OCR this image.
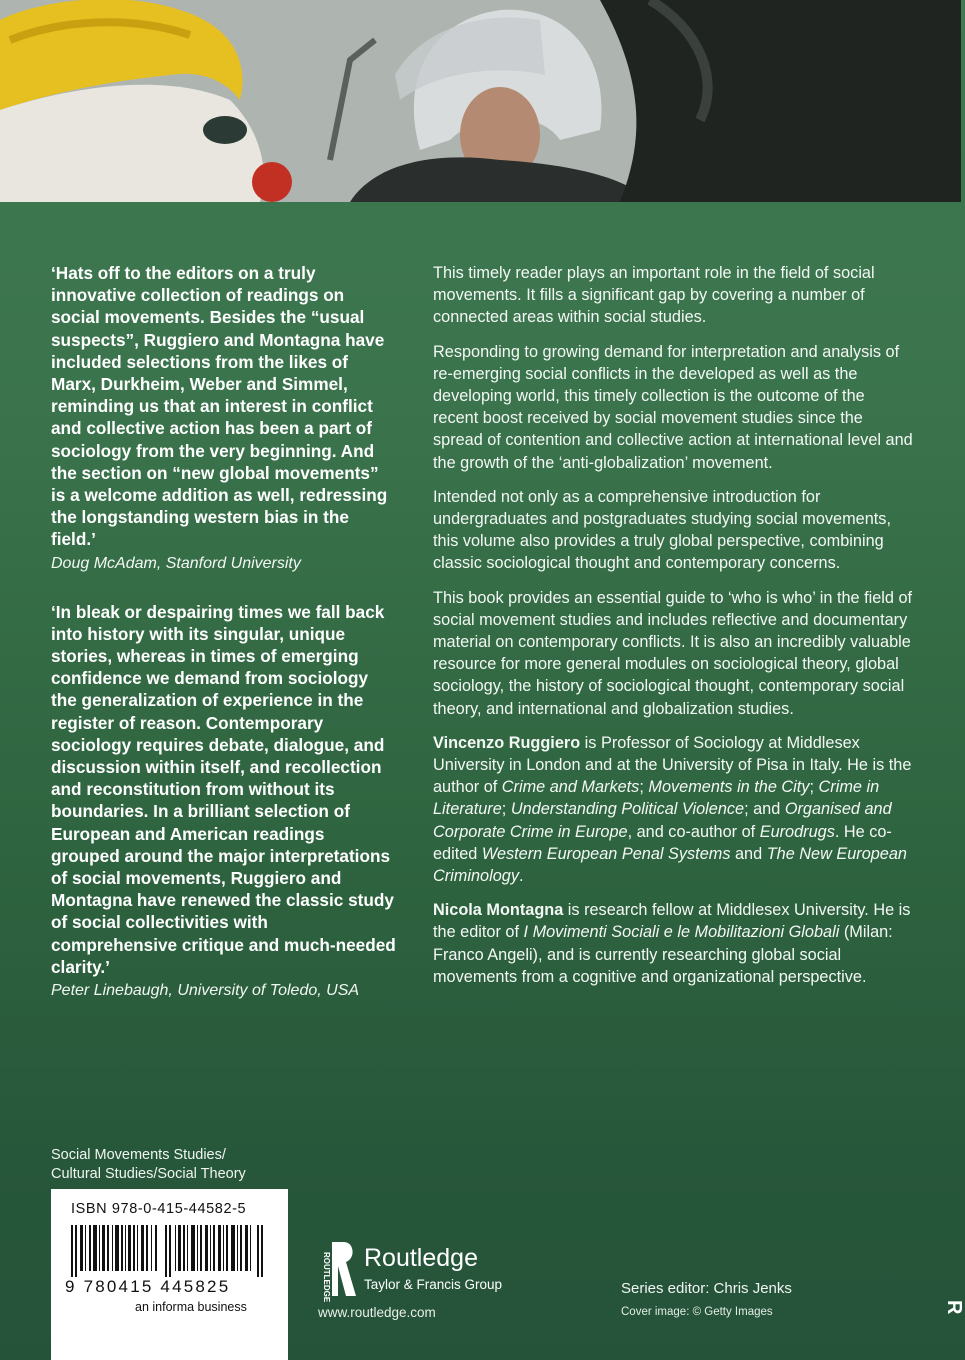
‘Hats off to the editors on a truly innovative collection of readings on social movements. Besides the “usual suspects”, Ruggiero and Montagna have included selections from the likes of Marx, Durkheim, Weber and Simmel, reminding us that an interest in conflict and collective action has been a part of sociology from the very beginning. And the section on “new global movements” is a welcome addition as well, redressing the longstanding western bias in the field.’

Doug McAdam, Stanford University

‘In bleak or despairing times we fall back into history with its singular, unique stories, whereas in times of emerging confidence we demand from sociology the generalization of experience in the register of reason. Contemporary sociology requires debate, dialogue, and discussion within itself, and recollection and reconstitution from without its boundaries. In a brilliant selection of European and American readings grouped around the major interpretations of social movements, Ruggiero and Montagna have renewed the classic study of social collectivities with comprehensive critique and much-needed clarity.’

Peter Linebaugh, University of Toledo, USA

This timely reader plays an important role in the field of social movements. It fills a significant gap by covering a number of connected areas within social studies.

Responding to growing demand for interpretation and analysis of re-emerging social conflicts in the developed as well as the developing world, this timely collection is the outcome of the recent boost received by social movement studies since the spread of contention and collective action at international level and the growth of the ‘anti-globalization’ movement.

Intended not only as a comprehensive introduction for undergraduates and postgraduates studying social movements, this volume also provides a truly global perspective, combining classic sociological thought and contemporary concerns.

This book provides an essential guide to ‘who is who’ in the field of social movement studies and includes reflective and documentary material on contemporary conflicts. It is also an incredibly valuable resource for more general modules on sociological theory, global sociology, the history of sociological thought, contemporary social theory, and international and globalization studies.

Vincenzo Ruggiero is Professor of Sociology at Middlesex University in London and at the University of Pisa in Italy. He is the author of Crime and Markets; Movements in the City; Crime in Literature; Understanding Political Violence; and Organised and Corporate Crime in Europe, and co-author of Eurodrugs. He co-edited Western European Penal Systems and The New European Criminology.

Nicola Montagna is research fellow at Middlesex University. He is the editor of I Movimenti Sociali e le Mobilitazioni Globali (Milan: Franco Angeli), and is currently researching global social movements from a cognitive and organizational perspective.

Social Movements Studies/
Cultural Studies/Social Theory
ISBN 978-0-415-44582-5
9 780415 445825
an informa business
ROUTLEDGE Routledge
Taylor & Francis Group
www.routledge.com
Series editor: Chris Jenks
Cover image: © Getty Images	R
